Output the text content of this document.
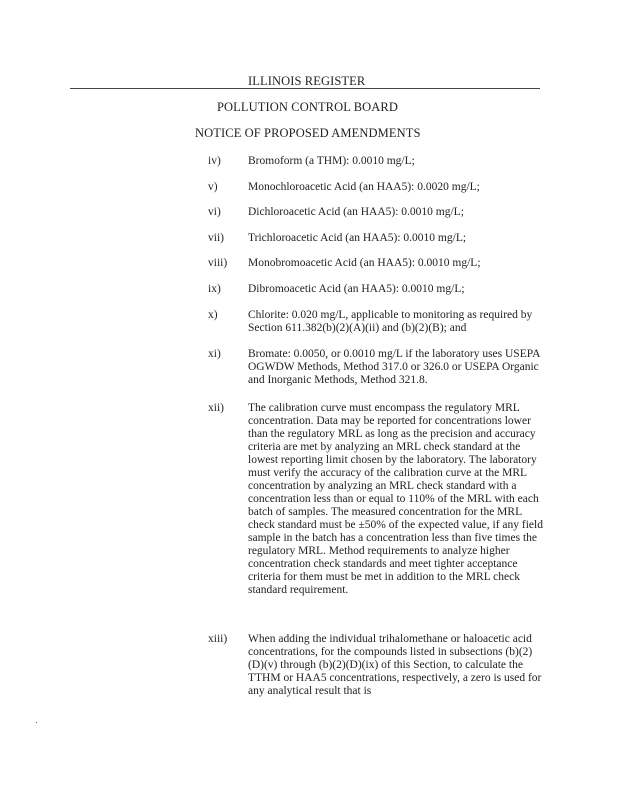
ILLINOIS REGISTER
POLLUTION CONTROL BOARD
NOTICE OF PROPOSED AMENDMENTS
iv)	Bromoform (a THM): 0.0010 mg/L;
v)	Monochloroacetic Acid (an HAA5): 0.0020 mg/L;
vi)	Dichloroacetic Acid (an HAA5): 0.0010 mg/L;
vii)	Trichloroacetic Acid (an HAA5): 0.0010 mg/L;
viii)	Monobromoacetic Acid (an HAA5): 0.0010 mg/L;
ix)	Dibromoacetic Acid (an HAA5): 0.0010 mg/L;
x)	Chlorite: 0.020 mg/L, applicable to monitoring as required by Section 611.382(b)(2)(A)(ii) and (b)(2)(B); and
xi)	Bromate: 0.0050, or 0.0010 mg/L if the laboratory uses USEPA OGWDW Methods, Method 317.0 or 326.0 or USEPA Organic and Inorganic Methods, Method 321.8.
xii)	The calibration curve must encompass the regulatory MRL concentration. Data may be reported for concentrations lower than the regulatory MRL as long as the precision and accuracy criteria are met by analyzing an MRL check standard at the lowest reporting limit chosen by the laboratory. The laboratory must verify the accuracy of the calibration curve at the MRL concentration by analyzing an MRL check standard with a concentration less than or equal to 110% of the MRL with each batch of samples. The measured concentration for the MRL check standard must be ±50% of the expected value, if any field sample in the batch has a concentration less than five times the regulatory MRL. Method requirements to analyze higher concentration check standards and meet tighter acceptance criteria for them must be met in addition to the MRL check standard requirement.
xiii)	When adding the individual trihalomethane or haloacetic acid concentrations, for the compounds listed in subsections (b)(2)(D)(v) through (b)(2)(D)(ix) of this Section, to calculate the TTHM or HAA5 concentrations, respectively, a zero is used for any analytical result that is
